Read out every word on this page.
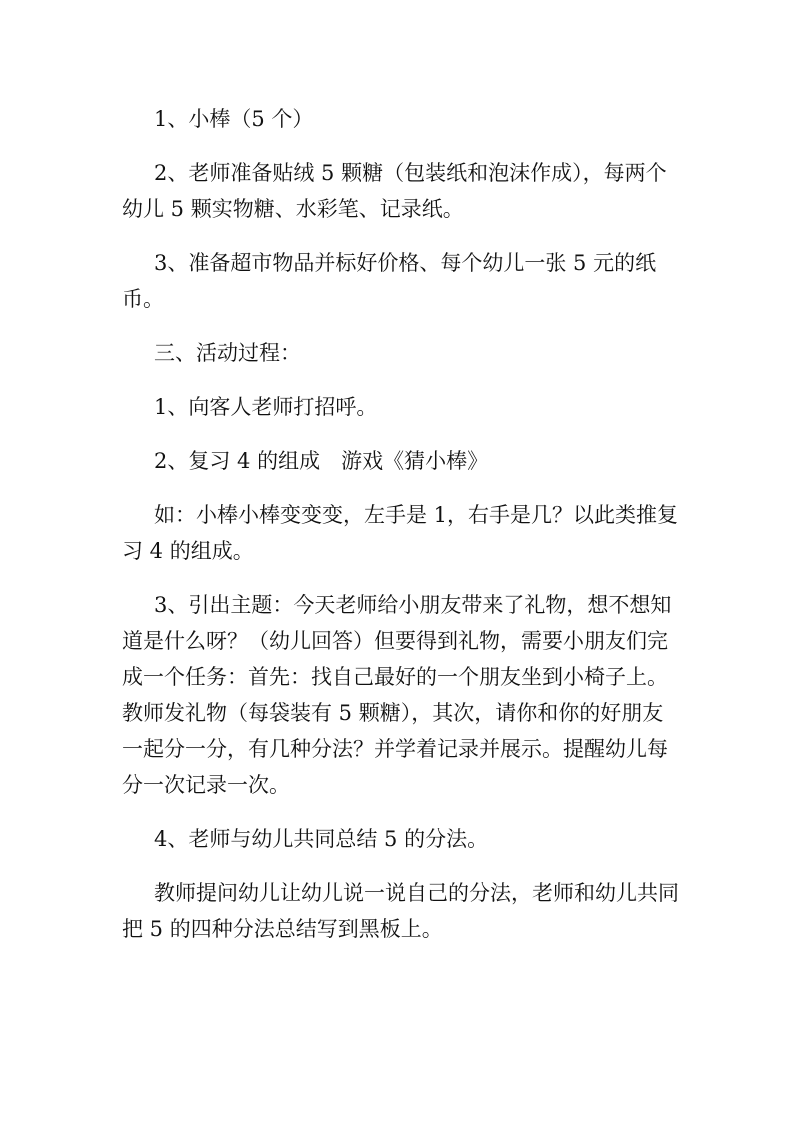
1、小棒（5 个）

2、老师准备贴绒 5 颗糖（包装纸和泡沫作成），每两个幼儿 5 颗实物糖、水彩笔、记录纸。

3、准备超市物品并标好价格、每个幼儿一张 5 元的纸币。

三、活动过程：

1、向客人老师打招呼。

2、复习 4 的组成　游戏《猜小棒》

如：小棒小棒变变变，左手是 1，右手是几？以此类推复习 4 的组成。

3、引出主题：今天老师给小朋友带来了礼物，想不想知道是什么呀？（幼儿回答）但要得到礼物，需要小朋友们完成一个任务：首先：找自己最好的一个朋友坐到小椅子上。教师发礼物（每袋装有 5 颗糖），其次，请你和你的好朋友一起分一分，有几种分法？并学着记录并展示。提醒幼儿每分一次记录一次。

4、老师与幼儿共同总结 5 的分法。

教师提问幼儿让幼儿说一说自己的分法，老师和幼儿共同把 5 的四种分法总结写到黑板上。
